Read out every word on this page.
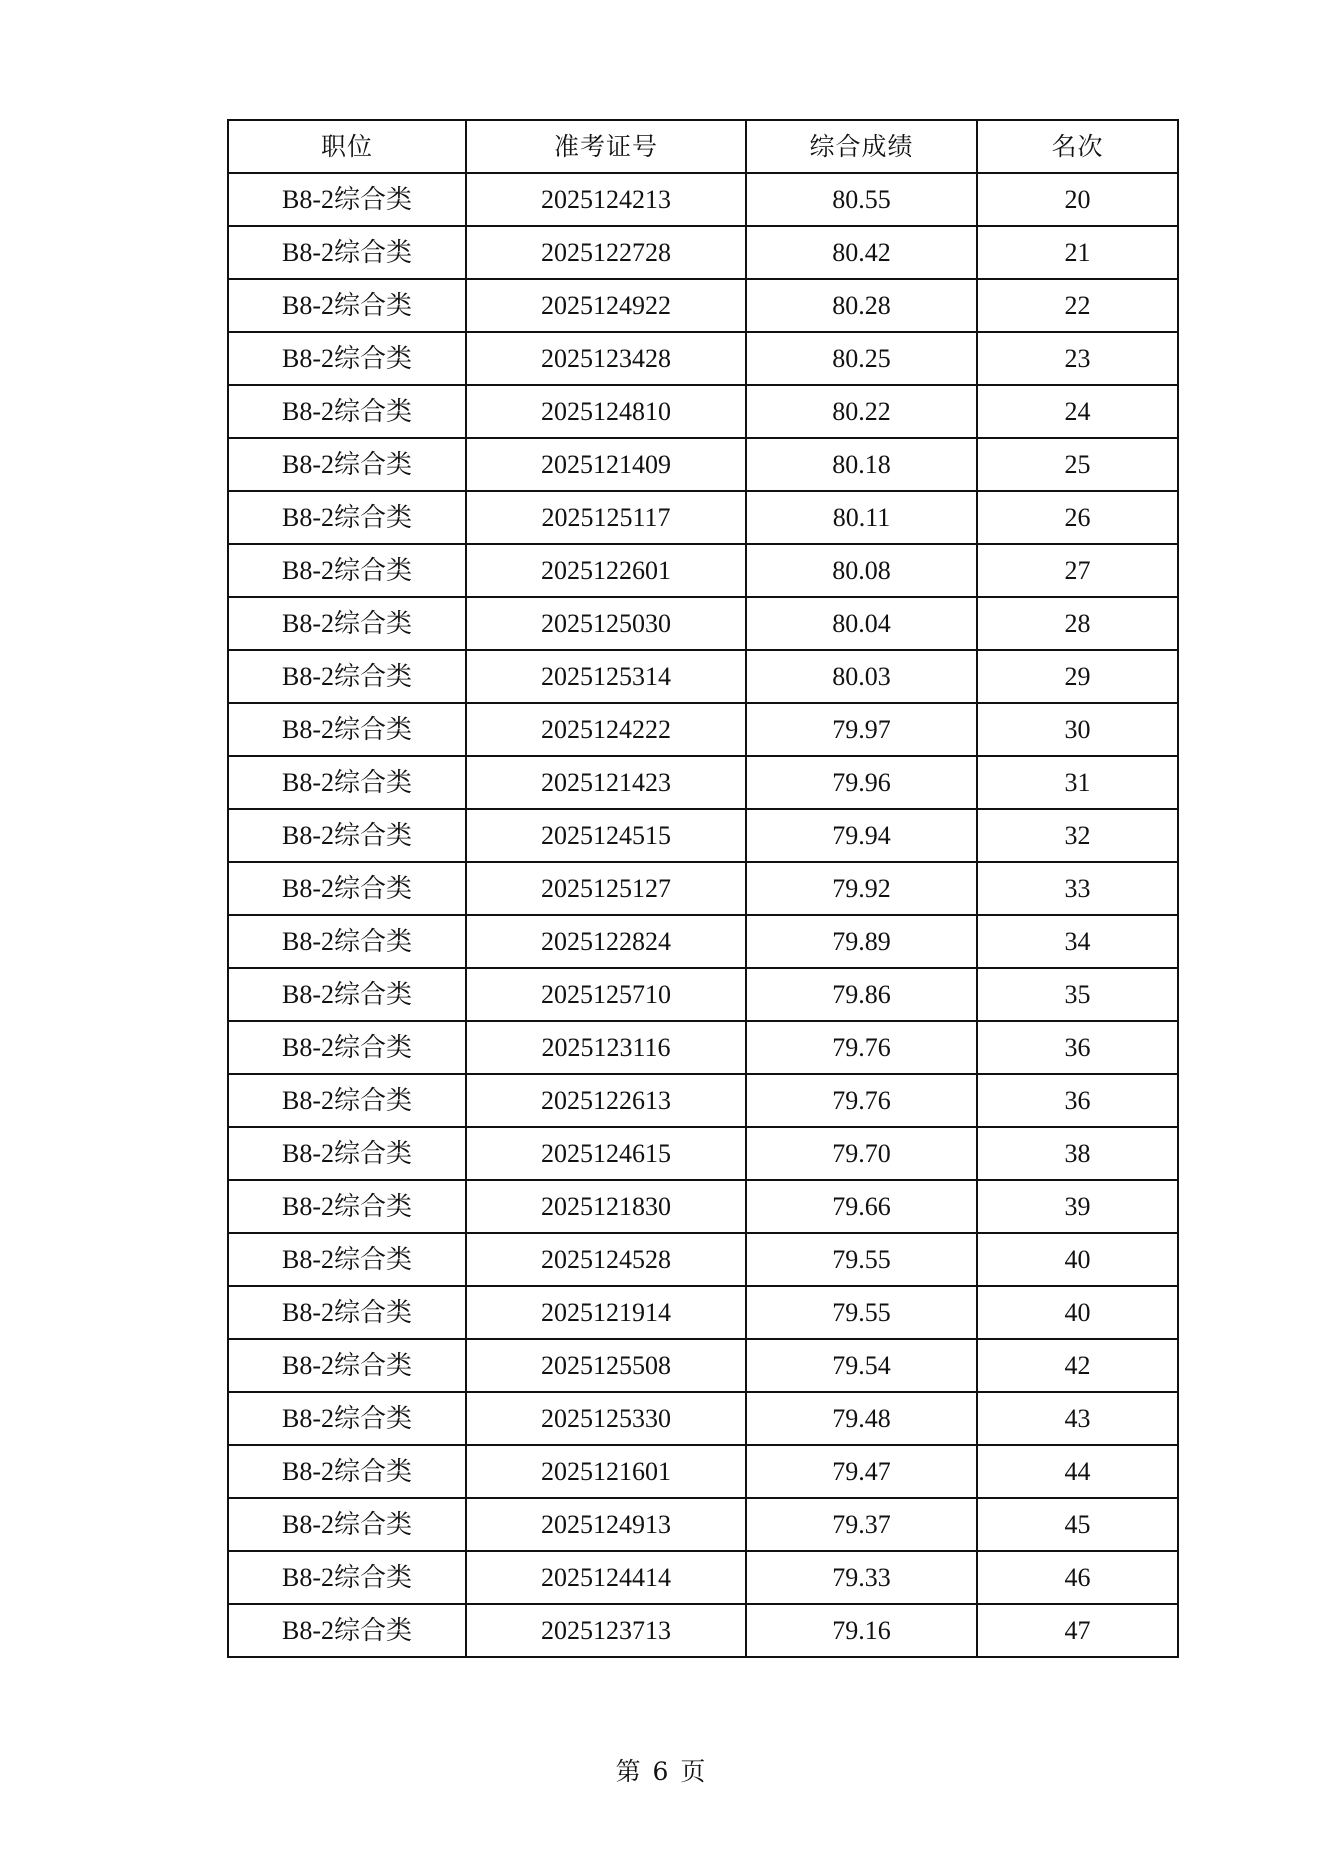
职位	准考证号	综合成绩	名次
B8-2综合类	2025124213	80.55	20
B8-2综合类	2025122728	80.42	21
B8-2综合类	2025124922	80.28	22
B8-2综合类	2025123428	80.25	23
B8-2综合类	2025124810	80.22	24
B8-2综合类	2025121409	80.18	25
B8-2综合类	2025125117	80.11	26
B8-2综合类	2025122601	80.08	27
B8-2综合类	2025125030	80.04	28
B8-2综合类	2025125314	80.03	29
B8-2综合类	2025124222	79.97	30
B8-2综合类	2025121423	79.96	31
B8-2综合类	2025124515	79.94	32
B8-2综合类	2025125127	79.92	33
B8-2综合类	2025122824	79.89	34
B8-2综合类	2025125710	79.86	35
B8-2综合类	2025123116	79.76	36
B8-2综合类	2025122613	79.76	36
B8-2综合类	2025124615	79.70	38
B8-2综合类	2025121830	79.66	39
B8-2综合类	2025124528	79.55	40
B8-2综合类	2025121914	79.55	40
B8-2综合类	2025125508	79.54	42
B8-2综合类	2025125330	79.48	43
B8-2综合类	2025121601	79.47	44
B8-2综合类	2025124913	79.37	45
B8-2综合类	2025124414	79.33	46
B8-2综合类	2025123713	79.16	47
第 6 页
